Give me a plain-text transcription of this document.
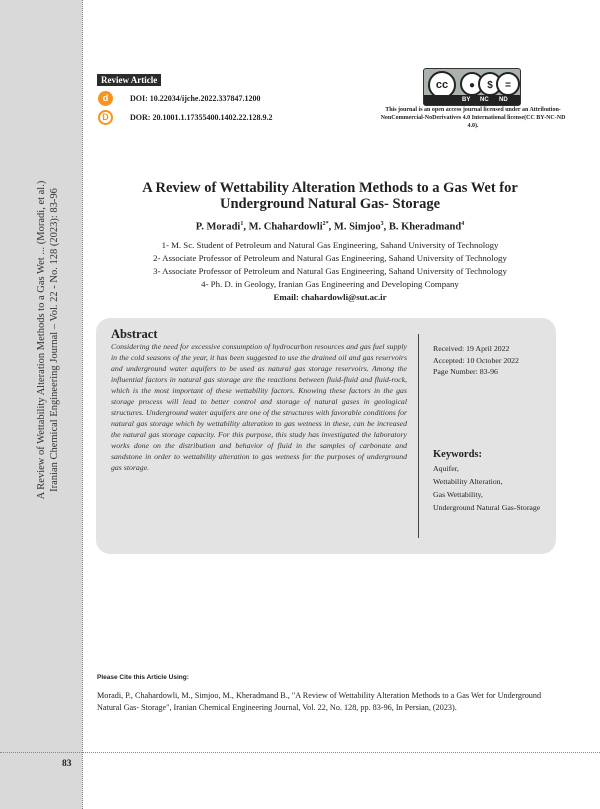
A Review of Wettability Alteration Methods to a Gas Wet ... (Moradi, et al.) Iranian Chemical Engineering Journal – Vol. 22 - No. 128 (2023): 83-96
Review Article
d	DOI: 10.22034/ijche.2022.337847.1200
D	DOR: 20.1001.1.17355400.1402.22.128.9.2
cc	●	$	=
BY NC ND
This journal is an open access journal licensed under an Attribution-NonCommercial-NoDerivatives 4.0 International license(CC BY-NC-ND 4.0).
A Review of Wettability Alteration Methods to a Gas Wet for
Underground Natural Gas- Storage
P. Moradi$^1$, M. Chahardowli$^{2*}$, M. Simjoo$^3$, B. Kheradmand$^4$
1- M. Sc. Student of Petroleum and Natural Gas Engineering, Sahand University of Technology
2- Associate Professor of Petroleum and Natural Gas Engineering, Sahand University of Technology
3- Associate Professor of Petroleum and Natural Gas Engineering, Sahand University of Technology
4- Ph. D. in Geology, Iranian Gas Engineering and Developing Company
Email: chahardowli@sut.ac.ir
Abstract
Considering the need for excessive consumption of hydrocarbon resources and gas fuel supply in the cold seasons of the year, it has been suggested to use the drained oil and gas reservoirs and underground water aquifers to be used as natural gas storage reservoirs. Among the influential factors in natural gas storage are the reactions between fluid-fluid and fluid-rock, which is the most important of these wettability factors. Knowing these factors in the gas storage process will lead to better control and storage of natural gases in geological structures. Underground water aquifers are one of the structures with favorable conditions for natural gas storage which by wettability alteration to gas wetness in these, can be increased the natural gas storage capacity. For this purpose, this study has investigated the laboratory works done on the distribution and behavior of fluid in the samples of carbonate and sandstone in order to wettability alteration to gas wetness for the purposes of underground gas storage.
Received: 19 April 2022
Accepted: 10 October 2022
Page Number: 83-96
Keywords:
Aquifer,
Wettability Alteration,
Gas Wettability,
Underground Natural Gas-Storage
Please Cite this Article Using:
Moradi, P., Chahardowli, M., Simjoo, M., Kheradmand B., "A Review of Wettability Alteration Methods to a Gas Wet for Underground Natural Gas- Storage", Iranian Chemical Engineering Journal, Vol. 22, No. 128, pp. 83-96, In Persian, (2023).
83
